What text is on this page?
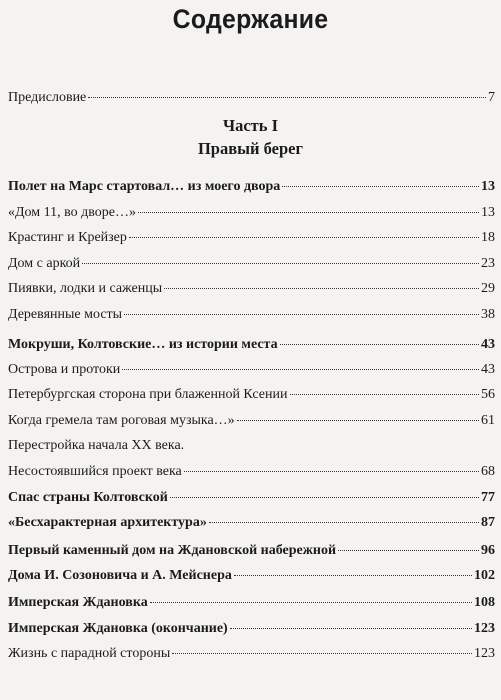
Содержание
Предисловие	7
Часть I
Правый берег
Полет на Марс стартовал… из моего двора	13
«Дом 11, во дворе…»	13
Крастинг и Крейзер	18
Дом с аркой	23
Пиявки, лодки и саженцы	29
Деревянные мосты	38
Мокруши, Колтовские… из истории места	43
Острова и протоки	43
Петербургская сторона при блаженной Ксении	56
Когда гремела там роговая музыка…»	61
Перестройка начала XX века.
Несостоявшийся проект века	68
Спас страны Колтовской	77
«Бесхарактерная архитектура»	87
Первый каменный дом на Ждановской набережной	96
Дома И. Созоновича и А. Мейснера	102
Имперская Ждановка	108
Имперская Ждановка (окончание)	123
Жизнь с парадной стороны	123
